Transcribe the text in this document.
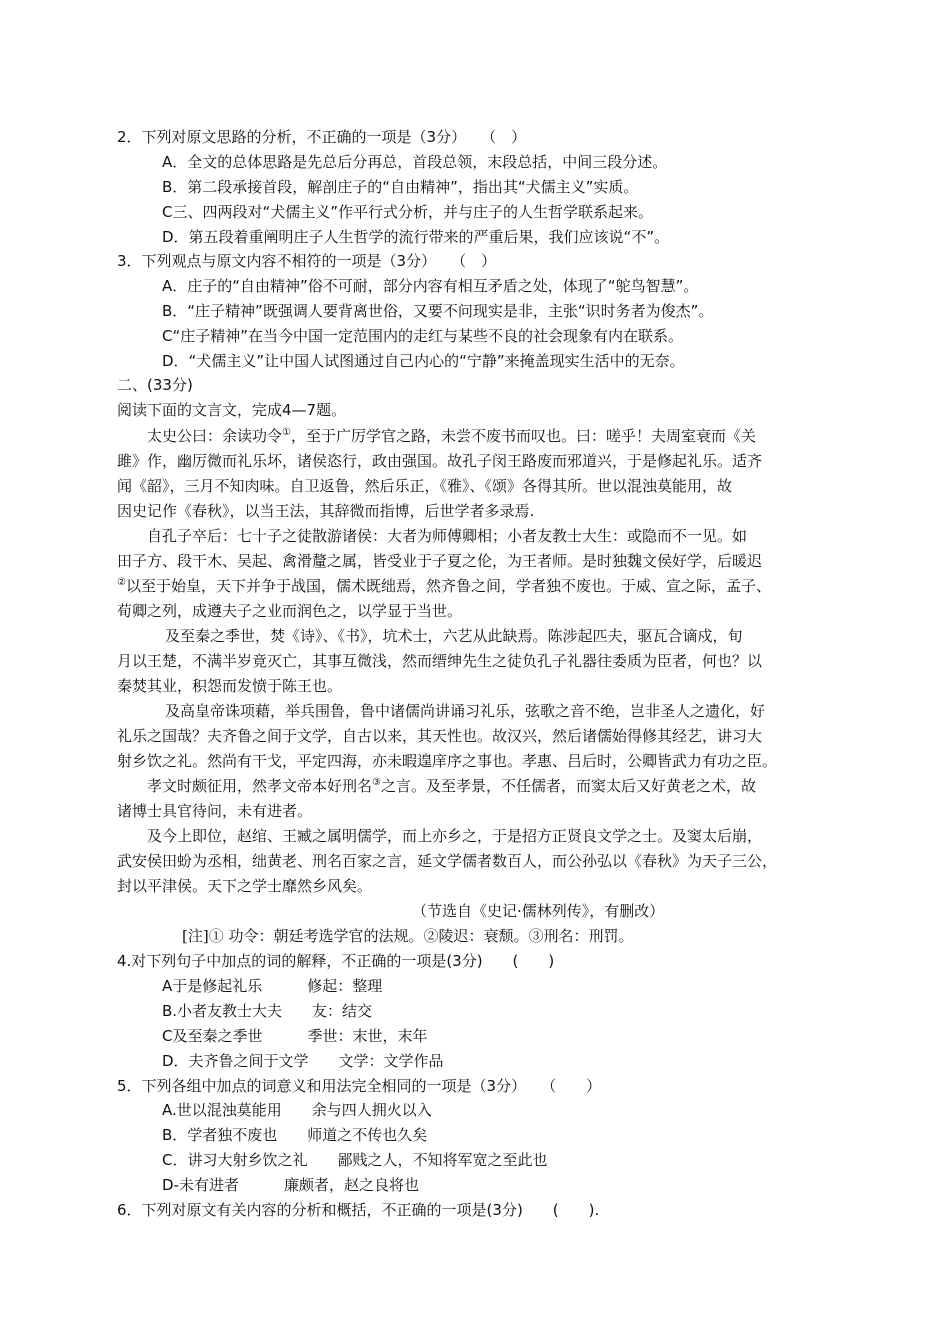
2．下列对原文思路的分析，不正确的一项是（3分）　　（　）
A．全文的总体思路是先总后分再总，首段总领，末段总括，中间三段分述。
B．第二段承接首段，解剖庄子的“自由精神”，指出其“犬儒主义”实质。
C三、四两段对“犬儒主义”作平行式分析，并与庄子的人生哲学联系起来。
D．第五段着重阐明庄子人生哲学的流行带来的严重后果，我们应该说“不”。
3．下列观点与原文内容不相符的一项是（3分）　　（　）
A．庄子的“自由精神”俗不可耐，部分内容有相互矛盾之处，体现了“鸵鸟智慧”。
B．“庄子精神”既强调人要背离世俗，又要不问现实是非，主张“识时务者为俊杰”。
C“庄子精神”在当今中国一定范围内的走红与某些不良的社会现象有内在联系。
D．“犬儒主义”让中国人试图通过自己内心的“宁静”来掩盖现实生活中的无奈。
二、(33分)
阅读下面的文言文，完成4—7题。
太史公曰：余读功令①，至于广厉学官之路，未尝不废书而叹也。曰：嗟乎！夫周室衰而《关
雎》作，幽厉微而礼乐坏，诸侯恣行，政由强国。故孔子闵王路废而邪道兴，于是修起礼乐。适齐
闻《韶》，三月不知肉味。自卫返鲁，然后乐正，《雅》、《颂》各得其所。世以混浊莫能用，故
因史记作《春秋》，以当王法，其辞微而指博，后世学者多录焉.
自孔子卒后：七十子之徒散游诸侯：大者为师傅卿相；小者友教士大生：或隐而不一见。如
田子方、段干木、吴起、禽滑釐之属，皆受业于子夏之伦，为王者师。是时独魏文侯好学，后暖迟
②以至于始皇，天下并争于战国，儒术既绌焉，然齐鲁之间，学者独不废也。于威、宣之际，孟子、
荀卿之列，成遵夫子之业而润色之，以学显于当世。
及至秦之季世，焚《诗》、《书》，坑术士，六艺从此缺焉。陈涉起匹夫，驱瓦合谪戍，旬
月以王楚，不满半岁竟灭亡，其事互微浅，然而缙绅先生之徒负孔子礼器往委质为臣者，何也？以
秦焚其业，积怨而发愤于陈王也。
及高皇帝诛项藉，举兵围鲁，鲁中诸儒尚讲诵习礼乐，弦歌之音不绝，岂非圣人之遗化，好
礼乐之国哉？夫齐鲁之间于文学，自古以来，其天性也。故汉兴，然后诸儒始得修其经艺，讲习大
射乡饮之礼。然尚有干戈，平定四海，亦未暇遑庠序之事也。孝惠、吕后时，公卿皆武力有功之臣。
孝文时颇征用，然孝文帝本好刑名③之言。及至孝景，不任儒者，而窦太后又好黄老之术，故
诸博士具官待问，未有进者。
及今上即位，赵绾、王臧之属明儒学，而上亦乡之，于是招方正贤良文学之士。及窦太后崩，
武安侯田蚡为丞相，绌黄老、刑名百家之言，延文学儒者数百人，而公孙弘以《春秋》为天子三公，
封以平津侯。天下之学士靡然乡风矣。
（节选自《史记·儒林列传》，有删改）
[注]① 功令：朝廷考选学官的法规。②陵迟：衰颓。③刑名：刑罚。
4.对下列句子中加点的词的解释，不正确的一项是(3分)　　(　　)
A于是修起礼乐　　　修起：整理
B.小者友教士大夫　　友：结交
C及至秦之季世　　　季世：末世，末年
D．夫齐鲁之间于文学　　文学：文学作品
5．下列各组中加点的词意义和用法完全相同的一项是（3分）　　（　　）
A.世以混浊莫能用　　余与四人拥火以入
B．学者独不废也　　师道之不传也久矣
C．讲习大射乡饮之礼　　鄙贱之人，不知将军宽之至此也
D-未有进者　　　廉颇者，赵之良将也
6．下列对原文有关内容的分析和概括，不正确的一项是(3分)　　(　　).
